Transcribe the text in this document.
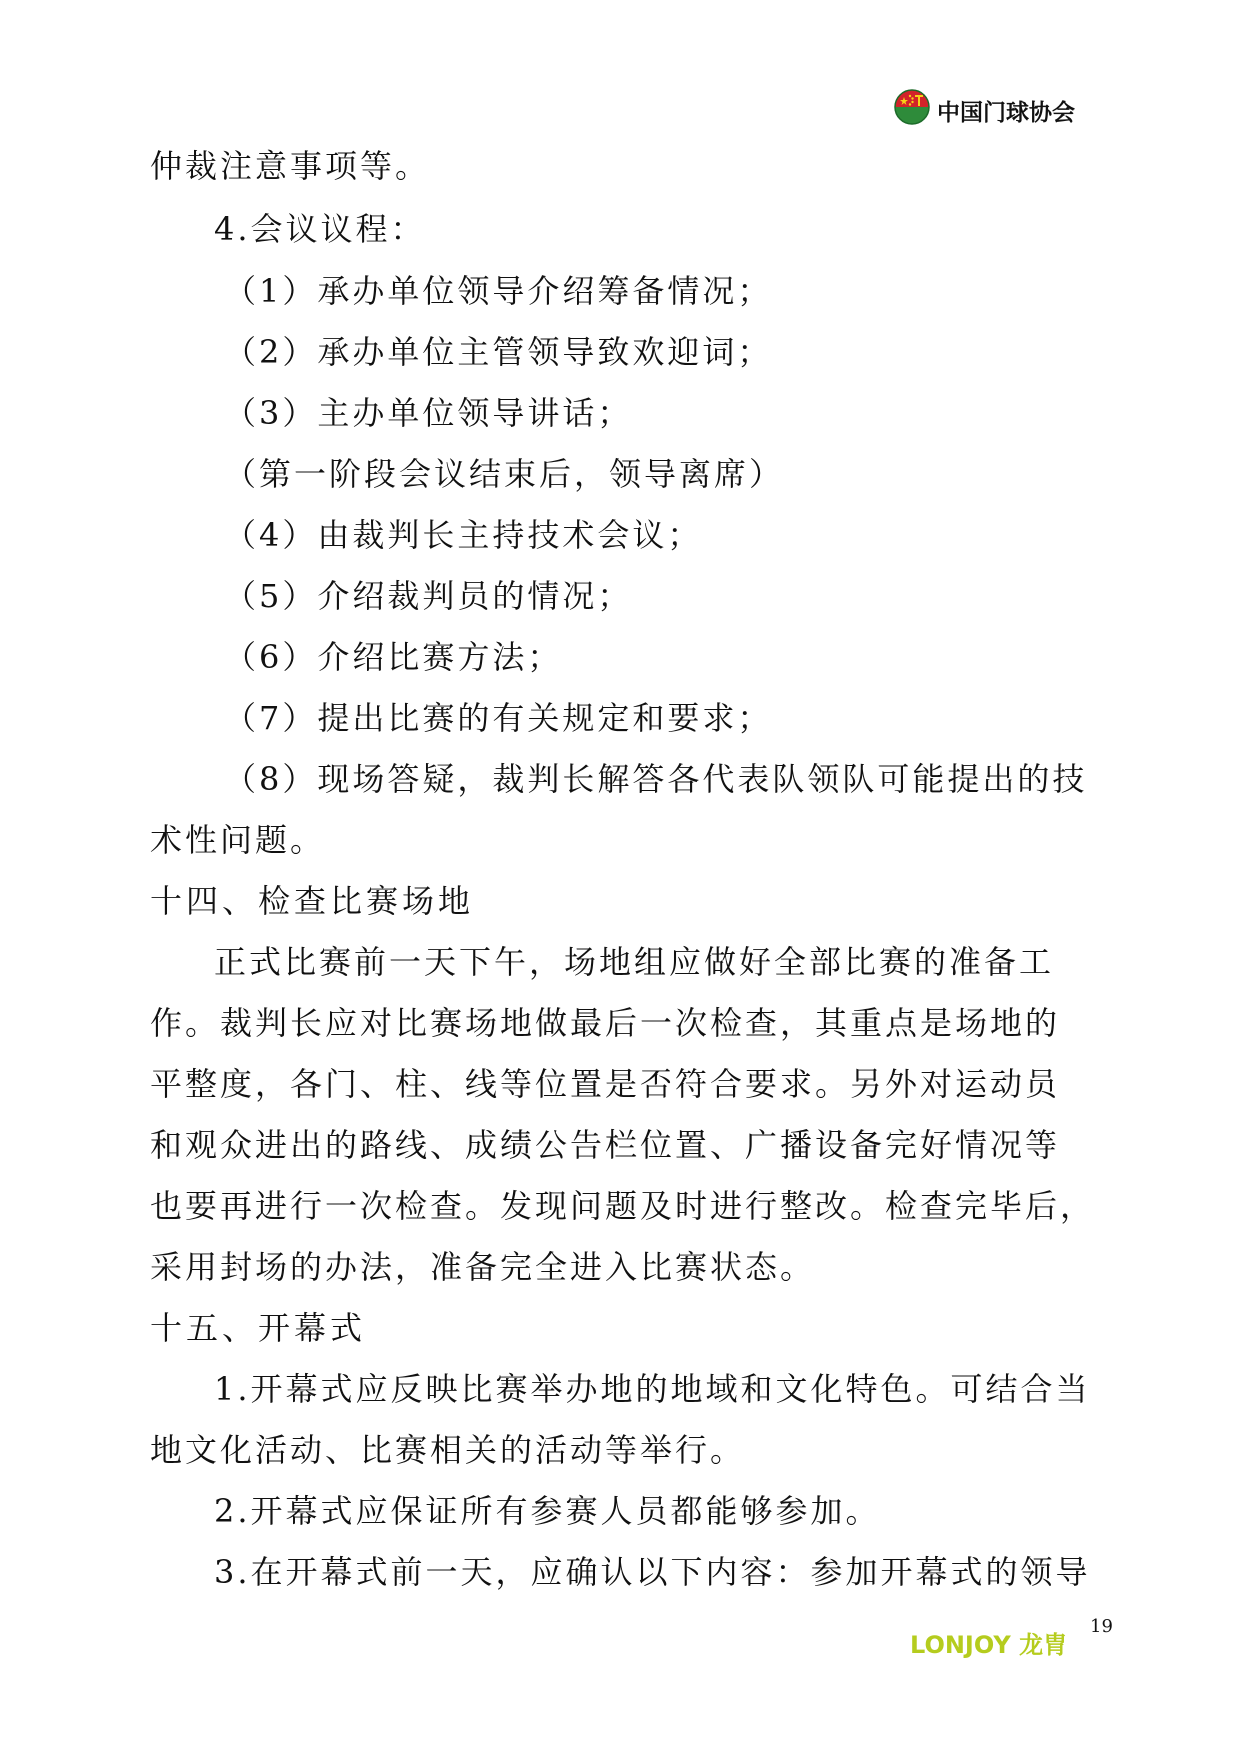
中国门球协会
仲裁注意事项等。
4.会议议程：
（1）承办单位领导介绍筹备情况；
（2）承办单位主管领导致欢迎词；
（3）主办单位领导讲话；
（第一阶段会议结束后，领导离席）
（4）由裁判长主持技术会议；
（5）介绍裁判员的情况；
（6）介绍比赛方法；
（7）提出比赛的有关规定和要求；
（8）现场答疑，裁判长解答各代表队领队可能提出的技
术性问题。
十四、检查比赛场地
正式比赛前一天下午，场地组应做好全部比赛的准备工
作。裁判长应对比赛场地做最后一次检查，其重点是场地的
平整度，各门、柱、线等位置是否符合要求。另外对运动员
和观众进出的路线、成绩公告栏位置、广播设备完好情况等
也要再进行一次检查。发现问题及时进行整改。检查完毕后，
采用封场的办法，准备完全进入比赛状态。
十五、开幕式
1.开幕式应反映比赛举办地的地域和文化特色。可结合当
地文化活动、比赛相关的活动等举行。
2.开幕式应保证所有参赛人员都能够参加。
3.在开幕式前一天，应确认以下内容：参加开幕式的领导
19
LONJOY 龙胄
